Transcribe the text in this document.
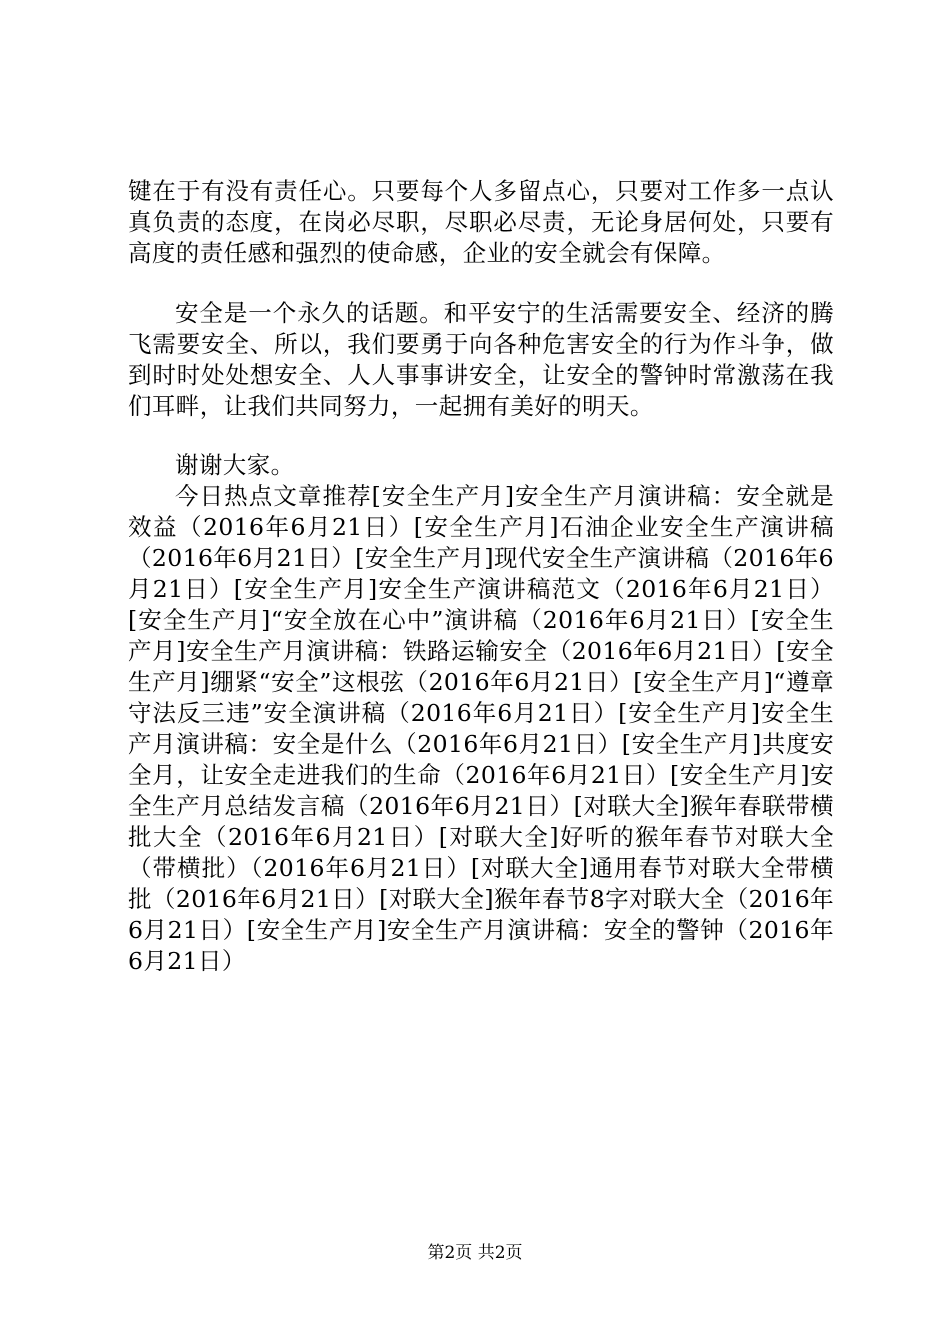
键在于有没有责任心。只要每个人多留点心，只要对工作多一点认真负责的态度，在岗必尽职，尽职必尽责，无论身居何处，只要有高度的责任感和强烈的使命感，企业的安全就会有保障。

安全是一个永久的话题。和平安宁的生活需要安全、经济的腾飞需要安全、所以，我们要勇于向各种危害安全的行为作斗争，做到时时处处想安全、人人事事讲安全，让安全的警钟时常激荡在我们耳畔，让我们共同努力，一起拥有美好的明天。

谢谢大家。

今日热点文章推荐[安全生产月]安全生产月演讲稿：安全就是效益（2016年6月21日）[安全生产月]石油企业安全生产演讲稿（2016年6月21日）[安全生产月]现代安全生产演讲稿（2016年6月21日）[安全生产月]安全生产演讲稿范文（2016年6月21日）[安全生产月]“安全放在心中”演讲稿（2016年6月21日）[安全生产月]安全生产月演讲稿：铁路运输安全（2016年6月21日）[安全生产月]绷紧“安全”这根弦（2016年6月21日）[安全生产月]“遵章守法反三违”安全演讲稿（2016年6月21日）[安全生产月]安全生产月演讲稿：安全是什么（2016年6月21日）[安全生产月]共度安全月，让安全走进我们的生命（2016年6月21日）[安全生产月]安全生产月总结发言稿（2016年6月21日）[对联大全]猴年春联带横批大全（2016年6月21日）[对联大全]好听的猴年春节对联大全（带横批）（2016年6月21日）[对联大全]通用春节对联大全带横批（2016年6月21日）[对联大全]猴年春节8字对联大全（2016年6月21日）[安全生产月]安全生产月演讲稿：安全的警钟（2016年6月21日）

第2页 共2页
